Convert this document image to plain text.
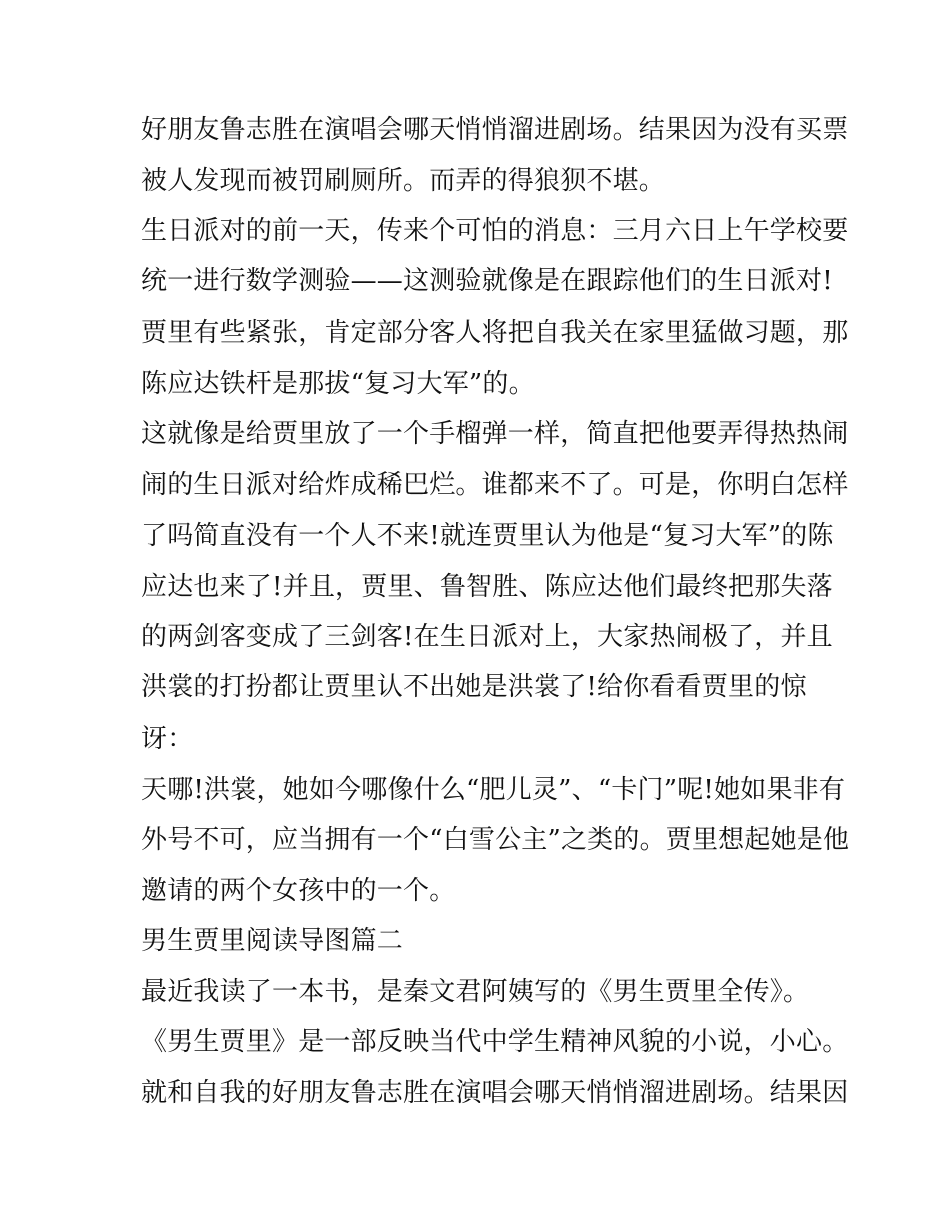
好朋友鲁志胜在演唱会哪天悄悄溜进剧场。结果因为没有买票
被人发现而被罚刷厕所。而弄的得狼狈不堪。
生日派对的前一天，传来个可怕的消息：三月六日上午学校要
统一进行数学测验——这测验就像是在跟踪他们的生日派对!
贾里有些紧张，肯定部分客人将把自我关在家里猛做习题，那
陈应达铁杆是那拔“复习大军”的。
这就像是给贾里放了一个手榴弹一样，简直把他要弄得热热闹
闹的生日派对给炸成稀巴烂。谁都来不了。可是，你明白怎样
了吗简直没有一个人不来!就连贾里认为他是“复习大军”的陈
应达也来了!并且，贾里、鲁智胜、陈应达他们最终把那失落
的两剑客变成了三剑客!在生日派对上，大家热闹极了，并且
洪裳的打扮都让贾里认不出她是洪裳了!给你看看贾里的惊
讶：
天哪!洪裳，她如今哪像什么“肥儿灵”、“卡门”呢!她如果非有
外号不可，应当拥有一个“白雪公主”之类的。贾里想起她是他
邀请的两个女孩中的一个。
男生贾里阅读导图篇二
最近我读了一本书，是秦文君阿姨写的《男生贾里全传》。
《男生贾里》是一部反映当代中学生精神风貌的小说，小心。
就和自我的好朋友鲁志胜在演唱会哪天悄悄溜进剧场。结果因
